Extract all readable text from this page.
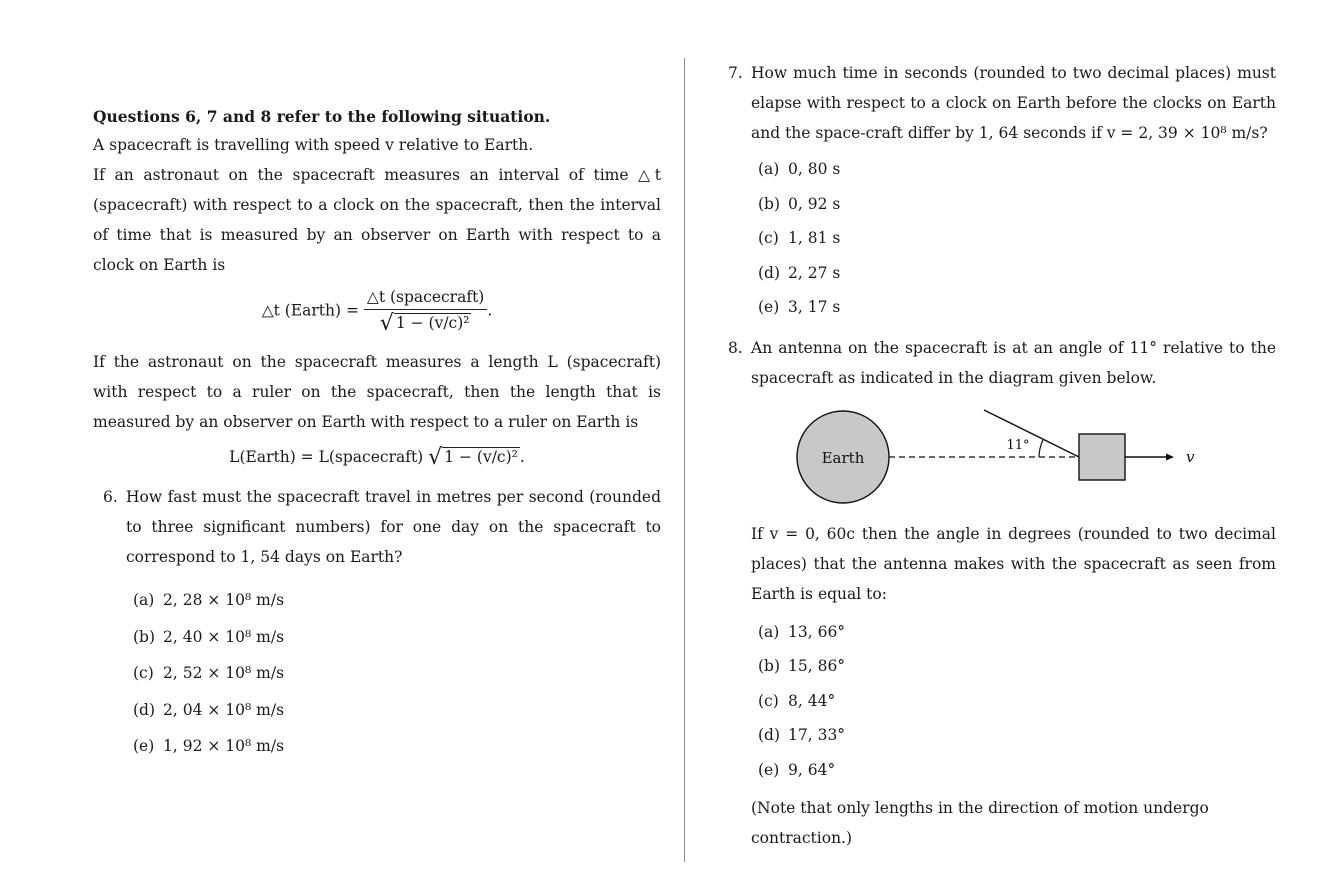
Questions 6, 7 and 8 refer to the following situation.

A spacecraft is travelling with speed v relative to Earth.

If an astronaut on the spacecraft measures an interval of time △t (spacecraft) with respect to a clock on the spacecraft, then the interval of time that is measured by an observer on Earth with respect to a clock on Earth is

△t (Earth) = $\frac{\text{△t (spacecraft)}}{\text{√ 1 − (v/c)²}}$ .

If the astronaut on the spacecraft measures a length L (spacecraft) with respect to a ruler on the spacecraft, then the length that is measured by an observer on Earth with respect to a ruler on Earth is

L(Earth) = L(spacecraft) √ 1 − (v/c)² .
6. How fast must the spacecraft travel in metres per second (rounded to three significant numbers) for one day on the spacecraft to correspond to 1, 54 days on Earth?

(a) 2, 28 × 10⁸ m/s
(b) 2, 40 × 10⁸ m/s
(c) 2, 52 × 10⁸ m/s
(d) 2, 04 × 10⁸ m/s
(e) 1, 92 × 10⁸ m/s
7. How much time in seconds (rounded to two decimal places) must elapse with respect to a clock on Earth before the clocks on Earth and the space-craft differ by 1, 64 seconds if v = 2, 39 × 10⁸ m/s?

(a) 0, 80 s
(b) 0, 92 s
(c) 1, 81 s
(d) 2, 27 s
(e) 3, 17 s
8. An antenna on the spacecraft is at an angle of 11° relative to the spacecraft as indicated in the diagram given below.

Earth
11°
v

If v = 0, 60c then the angle in degrees (rounded to two decimal places) that the antenna makes with the spacecraft as seen from Earth is equal to:

(a) 13, 66°
(b) 15, 86°
(c) 8, 44°
(d) 17, 33°
(e) 9, 64°

(Note that only lengths in the direction of motion undergo contraction.)
